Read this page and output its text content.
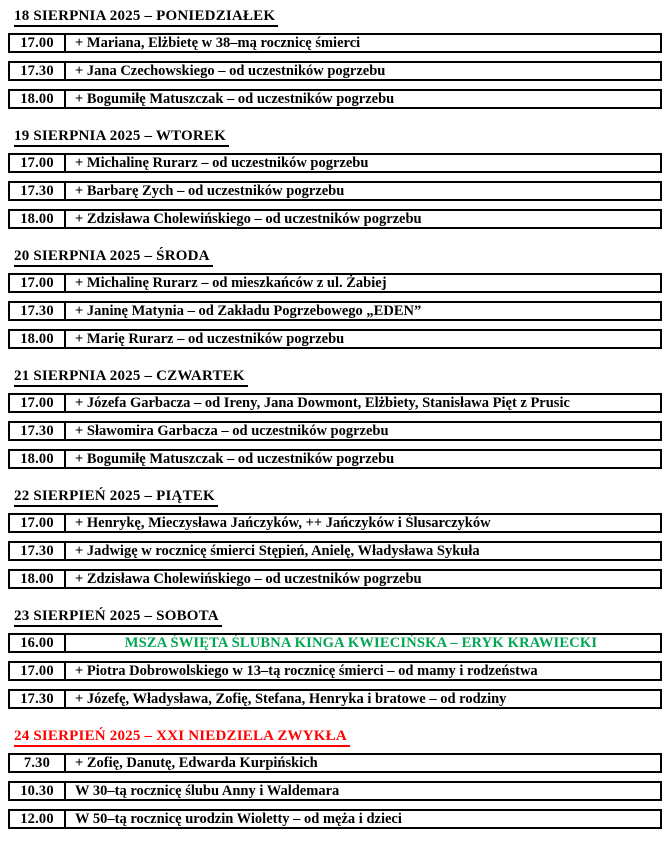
18 SIERPNIA 2025 – PONIEDZIAŁEK
17.00	+ Mariana, Elżbietę w 38–mą rocznicę śmierci
17.30	+ Jana Czechowskiego – od uczestników pogrzebu
18.00	+ Bogumiłę Matuszczak – od uczestników pogrzebu
19 SIERPNIA 2025 – WTOREK
17.00	+ Michalinę Rurarz – od uczestników pogrzebu
17.30	+ Barbarę Zych – od uczestników pogrzebu
18.00	+ Zdzisława Cholewińskiego – od uczestników pogrzebu
20 SIERPNIA 2025 – ŚRODA
17.00	+ Michalinę Rurarz – od mieszkańców z ul. Żabiej
17.30	+ Janinę Matynia – od Zakładu Pogrzebowego „EDEN”
18.00	+ Marię Rurarz – od uczestników pogrzebu
21 SIERPNIA 2025 – CZWARTEK
17.00	+ Józefa Garbacza – od Ireny, Jana Dowmont, Elżbiety, Stanisława Pięt z Prusic
17.30	+ Sławomira Garbacza – od uczestników pogrzebu
18.00	+ Bogumiłę Matuszczak – od uczestników pogrzebu
22 SIERPIEŃ 2025 – PIĄTEK
17.00	+ Henrykę, Mieczysława Jańczyków, ++ Jańczyków i Ślusarczyków
17.30	+ Jadwigę w rocznicę śmierci Stępień, Anielę, Władysława Sykuła
18.00	+ Zdzisława Cholewińskiego – od uczestników pogrzebu
23 SIERPIEŃ 2025 – SOBOTA
16.00	MSZA ŚWIĘTA ŚLUBNA KINGA KWIECIŃSKA – ERYK KRAWIECKI
17.00	+ Piotra Dobrowolskiego w 13–tą rocznicę śmierci – od mamy i rodzeństwa
17.30	+ Józefę, Władysława, Zofię, Stefana, Henryka i bratowe – od rodziny
24 SIERPIEŃ 2025 – XXI NIEDZIELA ZWYKŁA
7.30	+ Zofię, Danutę, Edwarda Kurpińskich
10.30	W 30–tą rocznicę ślubu Anny i Waldemara
12.00	W 50–tą rocznicę urodzin Wioletty – od męża i dzieci
